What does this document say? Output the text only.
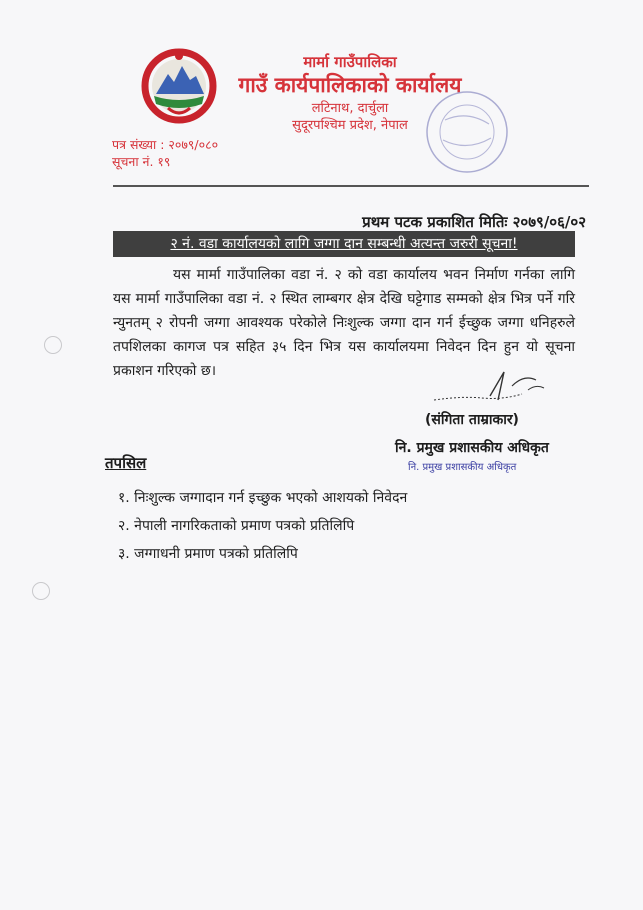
मार्मा गाउँपालिका
गाउँ कार्यपालिकाको कार्यालय
लटिनाथ, दार्चुला
सुदूरपश्चिम प्रदेश, नेपाल
पत्र संख्या : २०७९/०८०
सूचना नं. १९
प्रथम पटक प्रकाशित मितिः २०७९/०६/०२
२ नं. वडा कार्यालयको लागि जग्गा दान सम्बन्धी अत्यन्त जरुरी सूचना!
यस मार्मा गाउँपालिका वडा नं. २ को वडा कार्यालय भवन निर्माण गर्नका लागि यस मार्मा गाउँपालिका वडा नं. २ स्थित लाम्बगर क्षेत्र देखि घट्टेगाड सम्मको क्षेत्र भित्र पर्ने गरि न्युनतम् २ रोपनी जग्गा आवश्यक परेकोले निःशुल्क जग्गा दान गर्न ईच्छुक जग्गा धनिहरुले तपशिलका कागज पत्र सहित ३५ दिन भित्र यस कार्यालयमा निवेदन दिन हुन यो सूचना प्रकाशन गरिएको छ।
(संगिता ताम्राकार)
नि. प्रमुख प्रशासकीय अधिकृत
नि. प्रमुख प्रशासकीय अधिकृत
तपसिल
१. निःशुल्क जग्गादान गर्न इच्छुक भएको आशयको निवेदन
२. नेपाली नागरिकताको प्रमाण पत्रको प्रतिलिपि
३. जग्गाधनी प्रमाण पत्रको प्रतिलिपि
